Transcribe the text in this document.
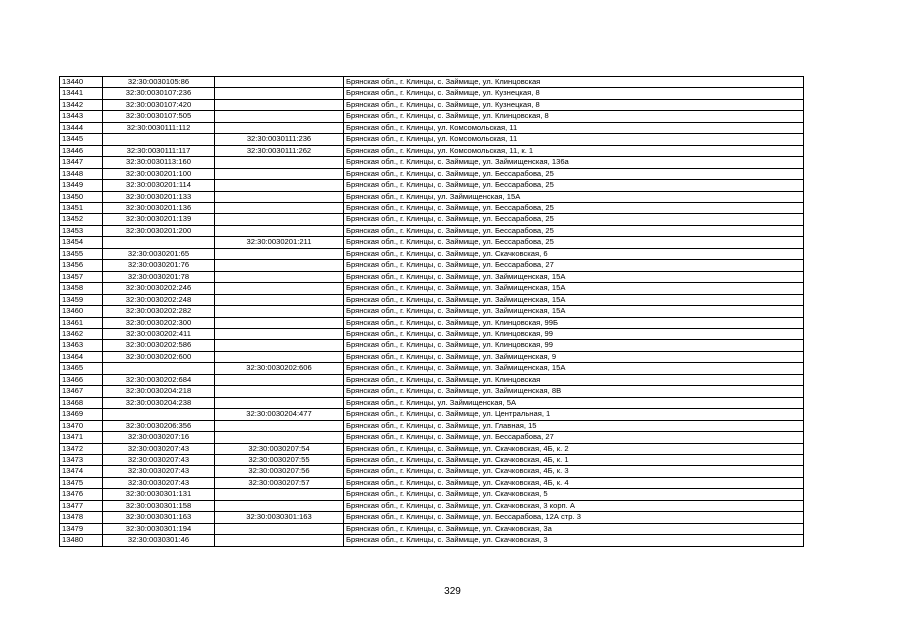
13440	32:30:0030105:86		Брянская обл., г. Клинцы, с. Займище, ул. Клинцовская
13441	32:30:0030107:236		Брянская обл., г. Клинцы, с. Займище, ул. Кузнецкая, 8
13442	32:30:0030107:420		Брянская обл., г. Клинцы, с. Займище, ул. Кузнецкая, 8
13443	32:30:0030107:505		Брянская обл., г. Клинцы, с. Займище, ул. Клинцовская, 8
13444	32:30:0030111:112		Брянская обл., г. Клинцы, ул. Комсомольская, 11
13445		32:30:0030111:236	Брянская обл., г. Клинцы, ул. Комсомольская, 11
13446	32:30:0030111:117	32:30:0030111:262	Брянская обл., г. Клинцы, ул. Комсомольская, 11, к. 1
13447	32:30:0030113:160		Брянская обл., г. Клинцы, с. Займище, ул. Займищенская, 136а
13448	32:30:0030201:100		Брянская обл., г. Клинцы, с. Займище, ул. Бессарабова, 25
13449	32:30:0030201:114		Брянская обл., г. Клинцы, с. Займище, ул. Бессарабова, 25
13450	32:30:0030201:133		Брянская обл., г. Клинцы, ул. Займищенская, 15А
13451	32:30:0030201:136		Брянская обл., г. Клинцы, с. Займище, ул. Бессарабова, 25
13452	32:30:0030201:139		Брянская обл., г. Клинцы, с. Займище, ул. Бессарабова, 25
13453	32:30:0030201:200		Брянская обл., г. Клинцы, с. Займище, ул. Бессарабова, 25
13454		32:30:0030201:211	Брянская обл., г. Клинцы, с. Займище, ул. Бессарабова, 25
13455	32:30:0030201:65		Брянская обл., г. Клинцы, с. Займище, ул. Скачковская, 6
13456	32:30:0030201:76		Брянская обл., г. Клинцы, с. Займище, ул. Бессарабова, 27
13457	32:30:0030201:78		Брянская обл., г. Клинцы, с. Займище, ул. Займищенская, 15А
13458	32:30:0030202:246		Брянская обл., г. Клинцы, с. Займище, ул. Займищенская, 15А
13459	32:30:0030202:248		Брянская обл., г. Клинцы, с. Займище, ул. Займищенская, 15А
13460	32:30:0030202:282		Брянская обл., г. Клинцы, с. Займище, ул. Займищенская, 15А
13461	32:30:0030202:300		Брянская обл., г. Клинцы, с. Займище, ул. Клинцовская, 99Б
13462	32:30:0030202:411		Брянская обл., г. Клинцы, с. Займище, ул. Клинцовская, 99
13463	32:30:0030202:586		Брянская обл., г. Клинцы, с. Займище, ул. Клинцовская, 99
13464	32:30:0030202:600		Брянская обл., г. Клинцы, с. Займище, ул. Займищенская, 9
13465		32:30:0030202:606	Брянская обл., г. Клинцы, с. Займище, ул. Займищенская, 15А
13466	32:30:0030202:684		Брянская обл., г. Клинцы, с. Займище, ул. Клинцовская
13467	32:30:0030204:218		Брянская обл., г. Клинцы, с. Займище, ул. Займищенская, 8В
13468	32:30:0030204:238		Брянская обл., г. Клинцы, ул. Займищенская, 5А
13469		32:30:0030204:477	Брянская обл., г. Клинцы, с. Займище, ул. Центральная, 1
13470	32:30:0030206:356		Брянская обл., г. Клинцы, с. Займище, ул. Главная, 15
13471	32:30:0030207:16		Брянская обл., г. Клинцы, с. Займище, ул. Бессарабова, 27
13472	32:30:0030207:43	32:30:0030207:54	Брянская обл., г. Клинцы, с. Займище, ул. Скачковская, 4Б, к. 2
13473	32:30:0030207:43	32:30:0030207:55	Брянская обл., г. Клинцы, с. Займище, ул. Скачковская, 4Б, к. 1
13474	32:30:0030207:43	32:30:0030207:56	Брянская обл., г. Клинцы, с. Займище, ул. Скачковская, 4Б, к. 3
13475	32:30:0030207:43	32:30:0030207:57	Брянская обл., г. Клинцы, с. Займище, ул. Скачковская, 4Б, к. 4
13476	32:30:0030301:131		Брянская обл., г. Клинцы, с. Займище, ул. Скачковская, 5
13477	32:30:0030301:158		Брянская обл., г. Клинцы, с. Займище, ул. Скачковская, 3 корп. А
13478	32:30:0030301:163	32:30:0030301:163	Брянская обл., г. Клинцы, с. Займище, ул. Бессарабова, 12А стр. 3
13479	32:30:0030301:194		Брянская обл., г. Клинцы, с. Займище, ул. Скачковская, 3а
13480	32:30:0030301:46		Брянская обл., г. Клинцы, с. Займище, ул. Скачковская, 3
329
